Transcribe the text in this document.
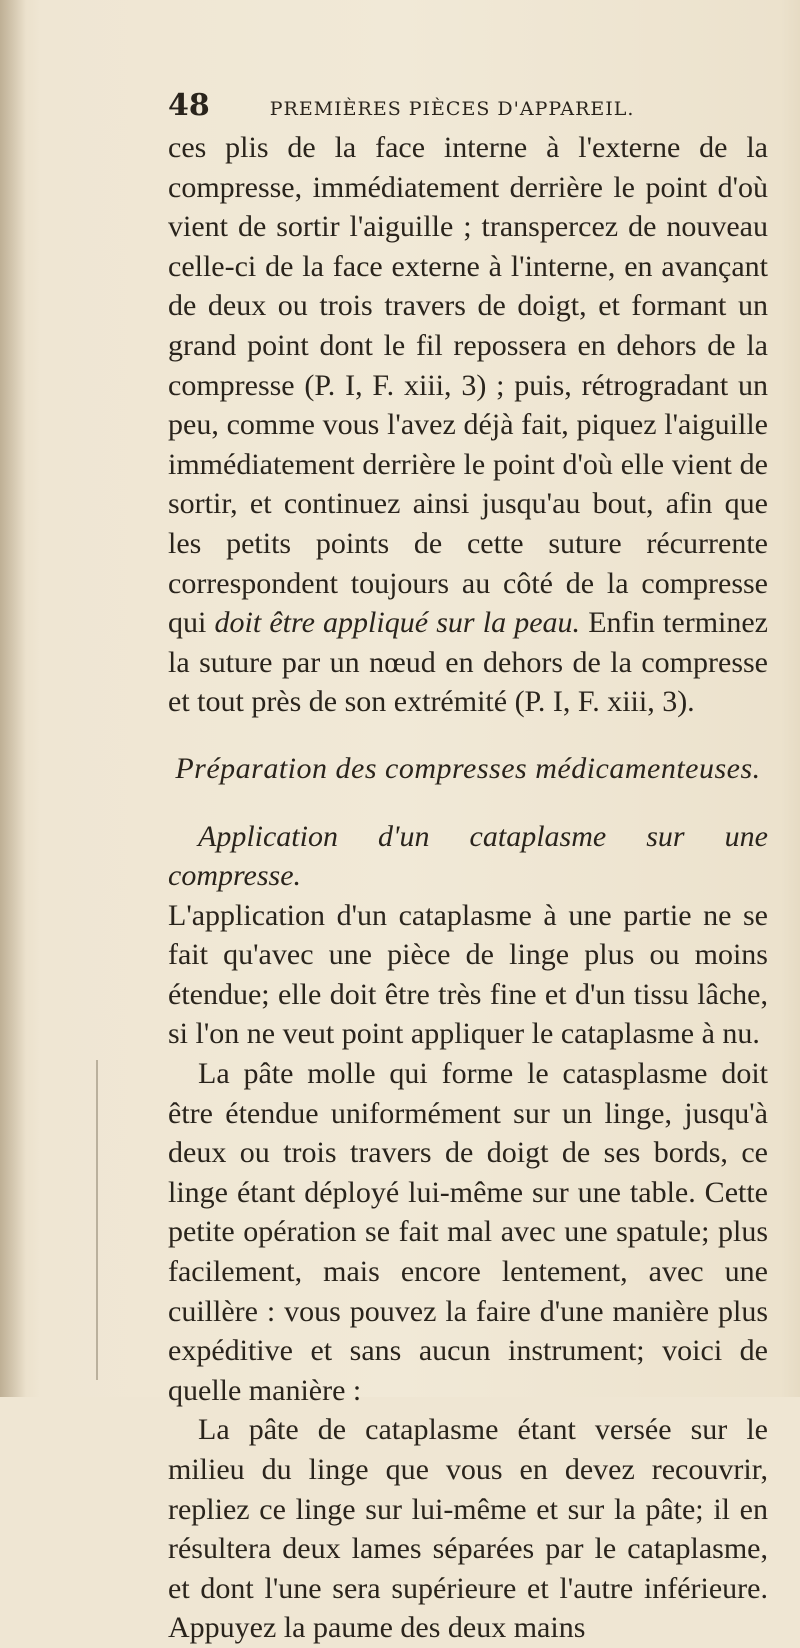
48	PREMIÈRES PIÈCES D'APPAREIL.

ces plis de la face interne à l'externe de la compresse, immédiatement derrière le point d'où vient de sortir l'aiguille ; transpercez de nouveau celle-ci de la face externe à l'interne, en avançant de deux ou trois travers de doigt, et formant un grand point dont le fil repossera en dehors de la compresse (P. I, F. xiii, 3) ; puis, rétrogradant un peu, comme vous l'avez déjà fait, piquez l'aiguille immédiatement derrière le point d'où elle vient de sortir, et continuez ainsi jusqu'au bout, afin que les petits points de cette suture récurrente correspondent toujours au côté de la compresse qui doit être appliqué sur la peau. Enfin terminez la suture par un nœud en dehors de la compresse et tout près de son extrémité (P. I, F. xiii, 3).

Préparation des compresses médicamenteuses.

Application d'un cataplasme sur une compresse.
L'application d'un cataplasme à une partie ne se fait qu'avec une pièce de linge plus ou moins étendue; elle doit être très fine et d'un tissu lâche, si l'on ne veut point appliquer le cataplasme à nu.

La pâte molle qui forme le catasplasme doit être étendue uniformément sur un linge, jusqu'à deux ou trois travers de doigt de ses bords, ce linge étant déployé lui-même sur une table. Cette petite opération se fait mal avec une spatule; plus facilement, mais encore lentement, avec une cuillère : vous pouvez la faire d'une manière plus expéditive et sans aucun instrument; voici de quelle manière :

La pâte de cataplasme étant versée sur le milieu du linge que vous en devez recouvrir, repliez ce linge sur lui-même et sur la pâte; il en résultera deux lames séparées par le cataplasme, et dont l'une sera supérieure et l'autre inférieure. Appuyez la paume des deux mains
